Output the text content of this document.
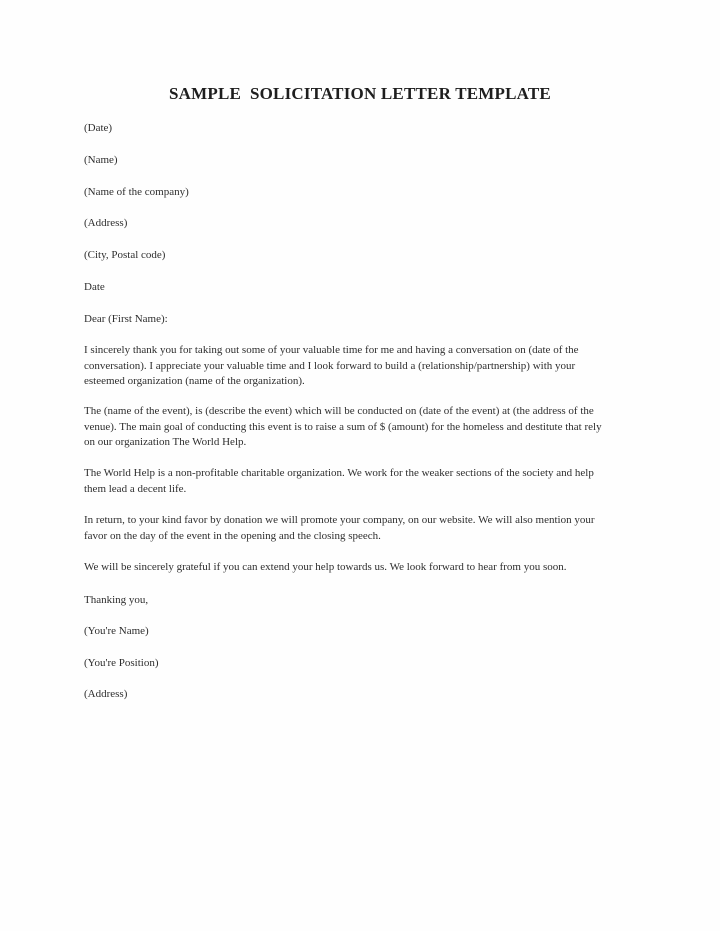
SAMPLE  SOLICITATION LETTER TEMPLATE
(Date)
(Name)
(Name of the company)
(Address)
(City, Postal code)
Date
Dear (First Name):
I sincerely thank you for taking out some of your valuable time for me and having a conversation on (date of the
conversation). I appreciate your valuable time and I look forward to build a (relationship/partnership) with your
esteemed organization (name of the organization).
The (name of the event), is (describe the event) which will be conducted on (date of the event) at (the address of the
venue). The main goal of conducting this event is to raise a sum of $ (amount) for the homeless and destitute that rely
on our organization The World Help.
The World Help is a non-profitable charitable organization. We work for the weaker sections of the society and help
them lead a decent life.
In return, to your kind favor by donation we will promote your company, on our website. We will also mention your
favor on the day of the event in the opening and the closing speech.
We will be sincerely grateful if you can extend your help towards us. We look forward to hear from you soon.
Thanking you,
(You're Name)
(You're Position)
(Address)
